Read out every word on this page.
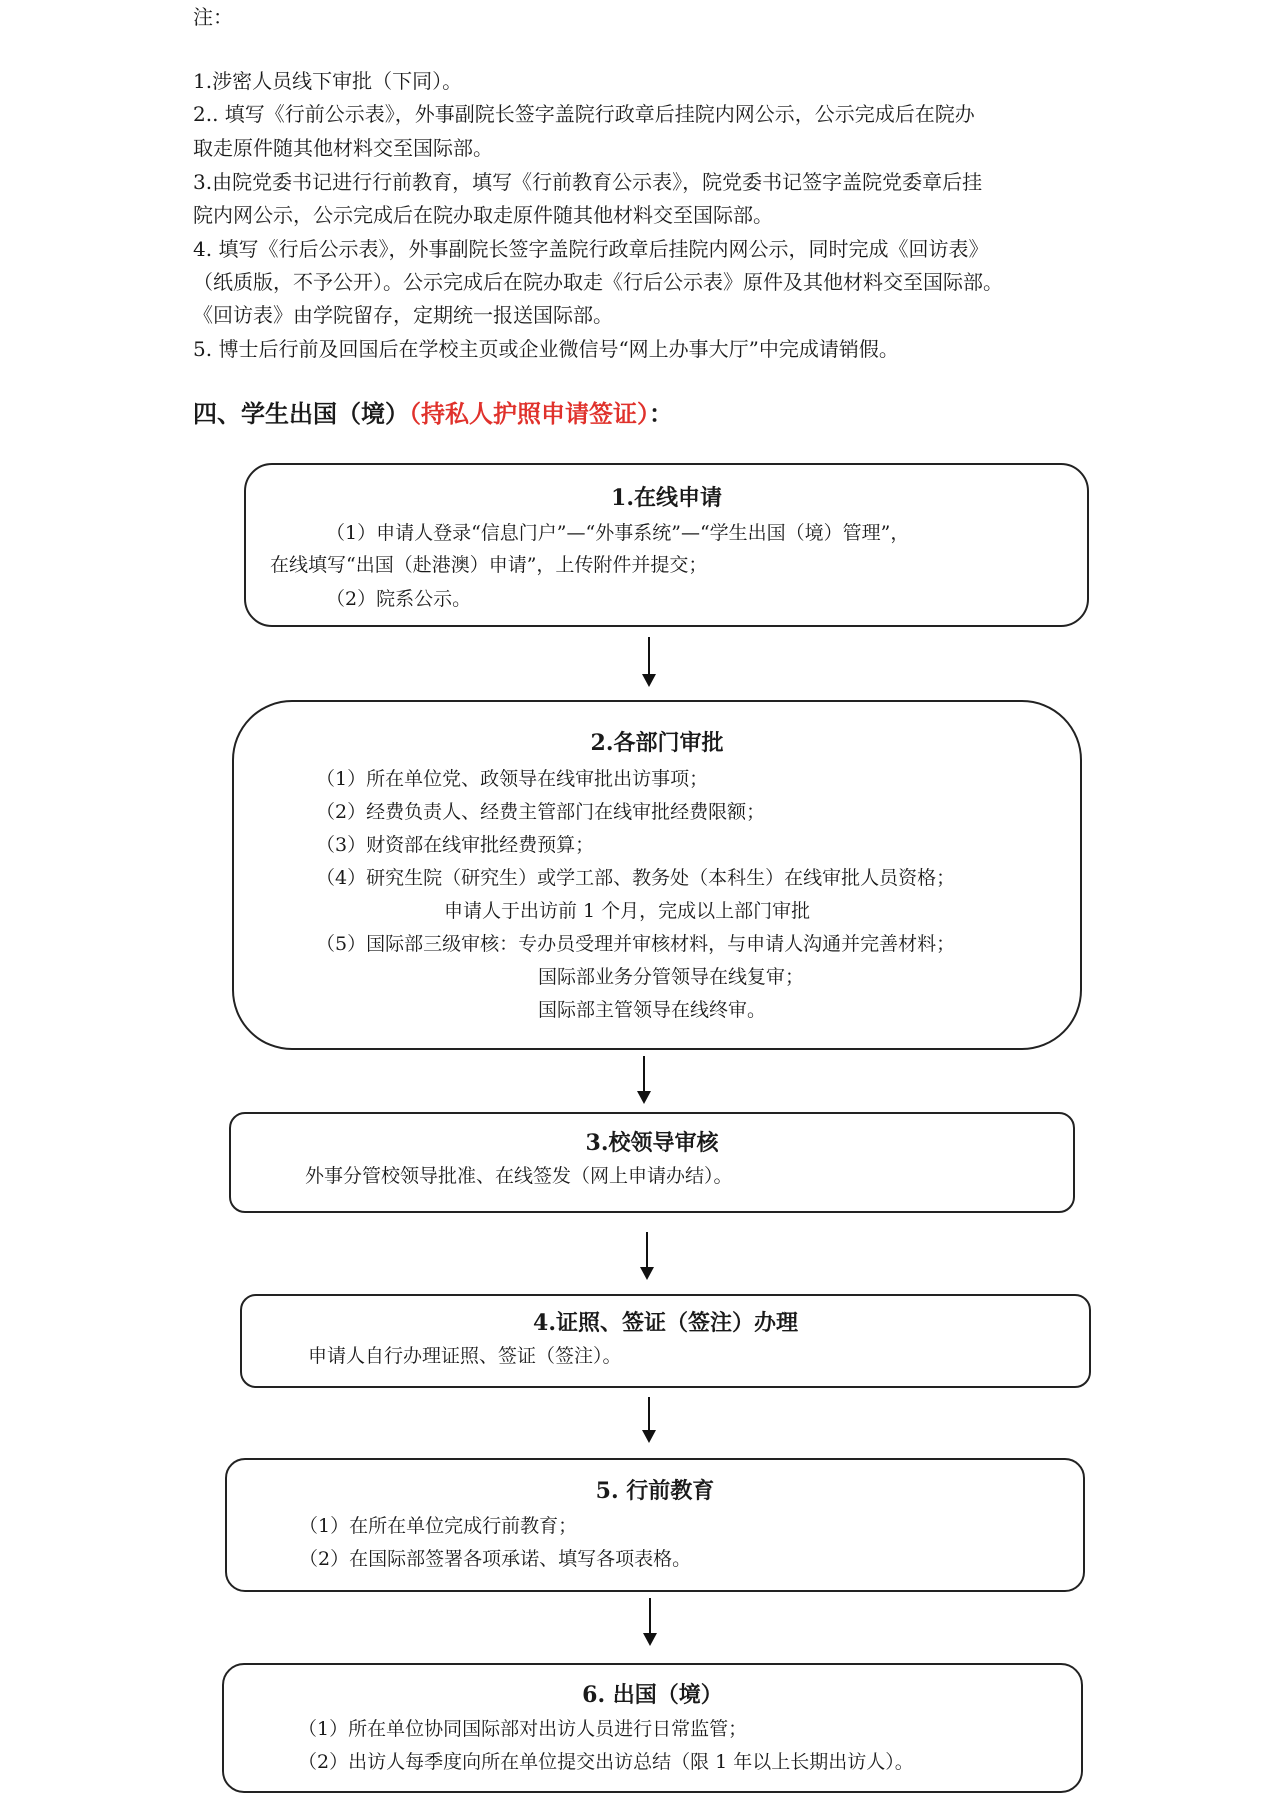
注：
1.涉密人员线下审批（下同）。
2.. 填写《行前公示表》，外事副院长签字盖院行政章后挂院内网公示，公示完成后在院办
取走原件随其他材料交至国际部。
3.由院党委书记进行行前教育，填写《行前教育公示表》，院党委书记签字盖院党委章后挂
院内网公示，公示完成后在院办取走原件随其他材料交至国际部。
4. 填写《行后公示表》，外事副院长签字盖院行政章后挂院内网公示，同时完成《回访表》
（纸质版，不予公开）。公示完成后在院办取走《行后公示表》原件及其他材料交至国际部。
《回访表》由学院留存，定期统一报送国际部。
5. 博士后行前及回国后在学校主页或企业微信号“网上办事大厅”中完成请销假。
四、学生出国（境）（持私人护照申请签证）：
1.在线申请
（1）申请人登录“信息门户”—“外事系统”—“学生出国（境）管理”，
在线填写“出国（赴港澳）申请”，上传附件并提交；
（2）院系公示。
2.各部门审批
（1）所在单位党、政领导在线审批出访事项；
（2）经费负责人、经费主管部门在线审批经费限额；
（3）财资部在线审批经费预算；
（4）研究生院（研究生）或学工部、教务处（本科生）在线审批人员资格；
申请人于出访前 1 个月，完成以上部门审批
（5）国际部三级审核：专办员受理并审核材料，与申请人沟通并完善材料；
国际部业务分管领导在线复审；
国际部主管领导在线终审。
3.校领导审核
外事分管校领导批准、在线签发（网上申请办结）。
4.证照、签证（签注）办理
申请人自行办理证照、签证（签注）。
5. 行前教育
（1）在所在单位完成行前教育；
（2）在国际部签署各项承诺、填写各项表格。
6. 出国（境）
（1）所在单位协同国际部对出访人员进行日常监管；
（2）出访人每季度向所在单位提交出访总结（限 1 年以上长期出访人）。
